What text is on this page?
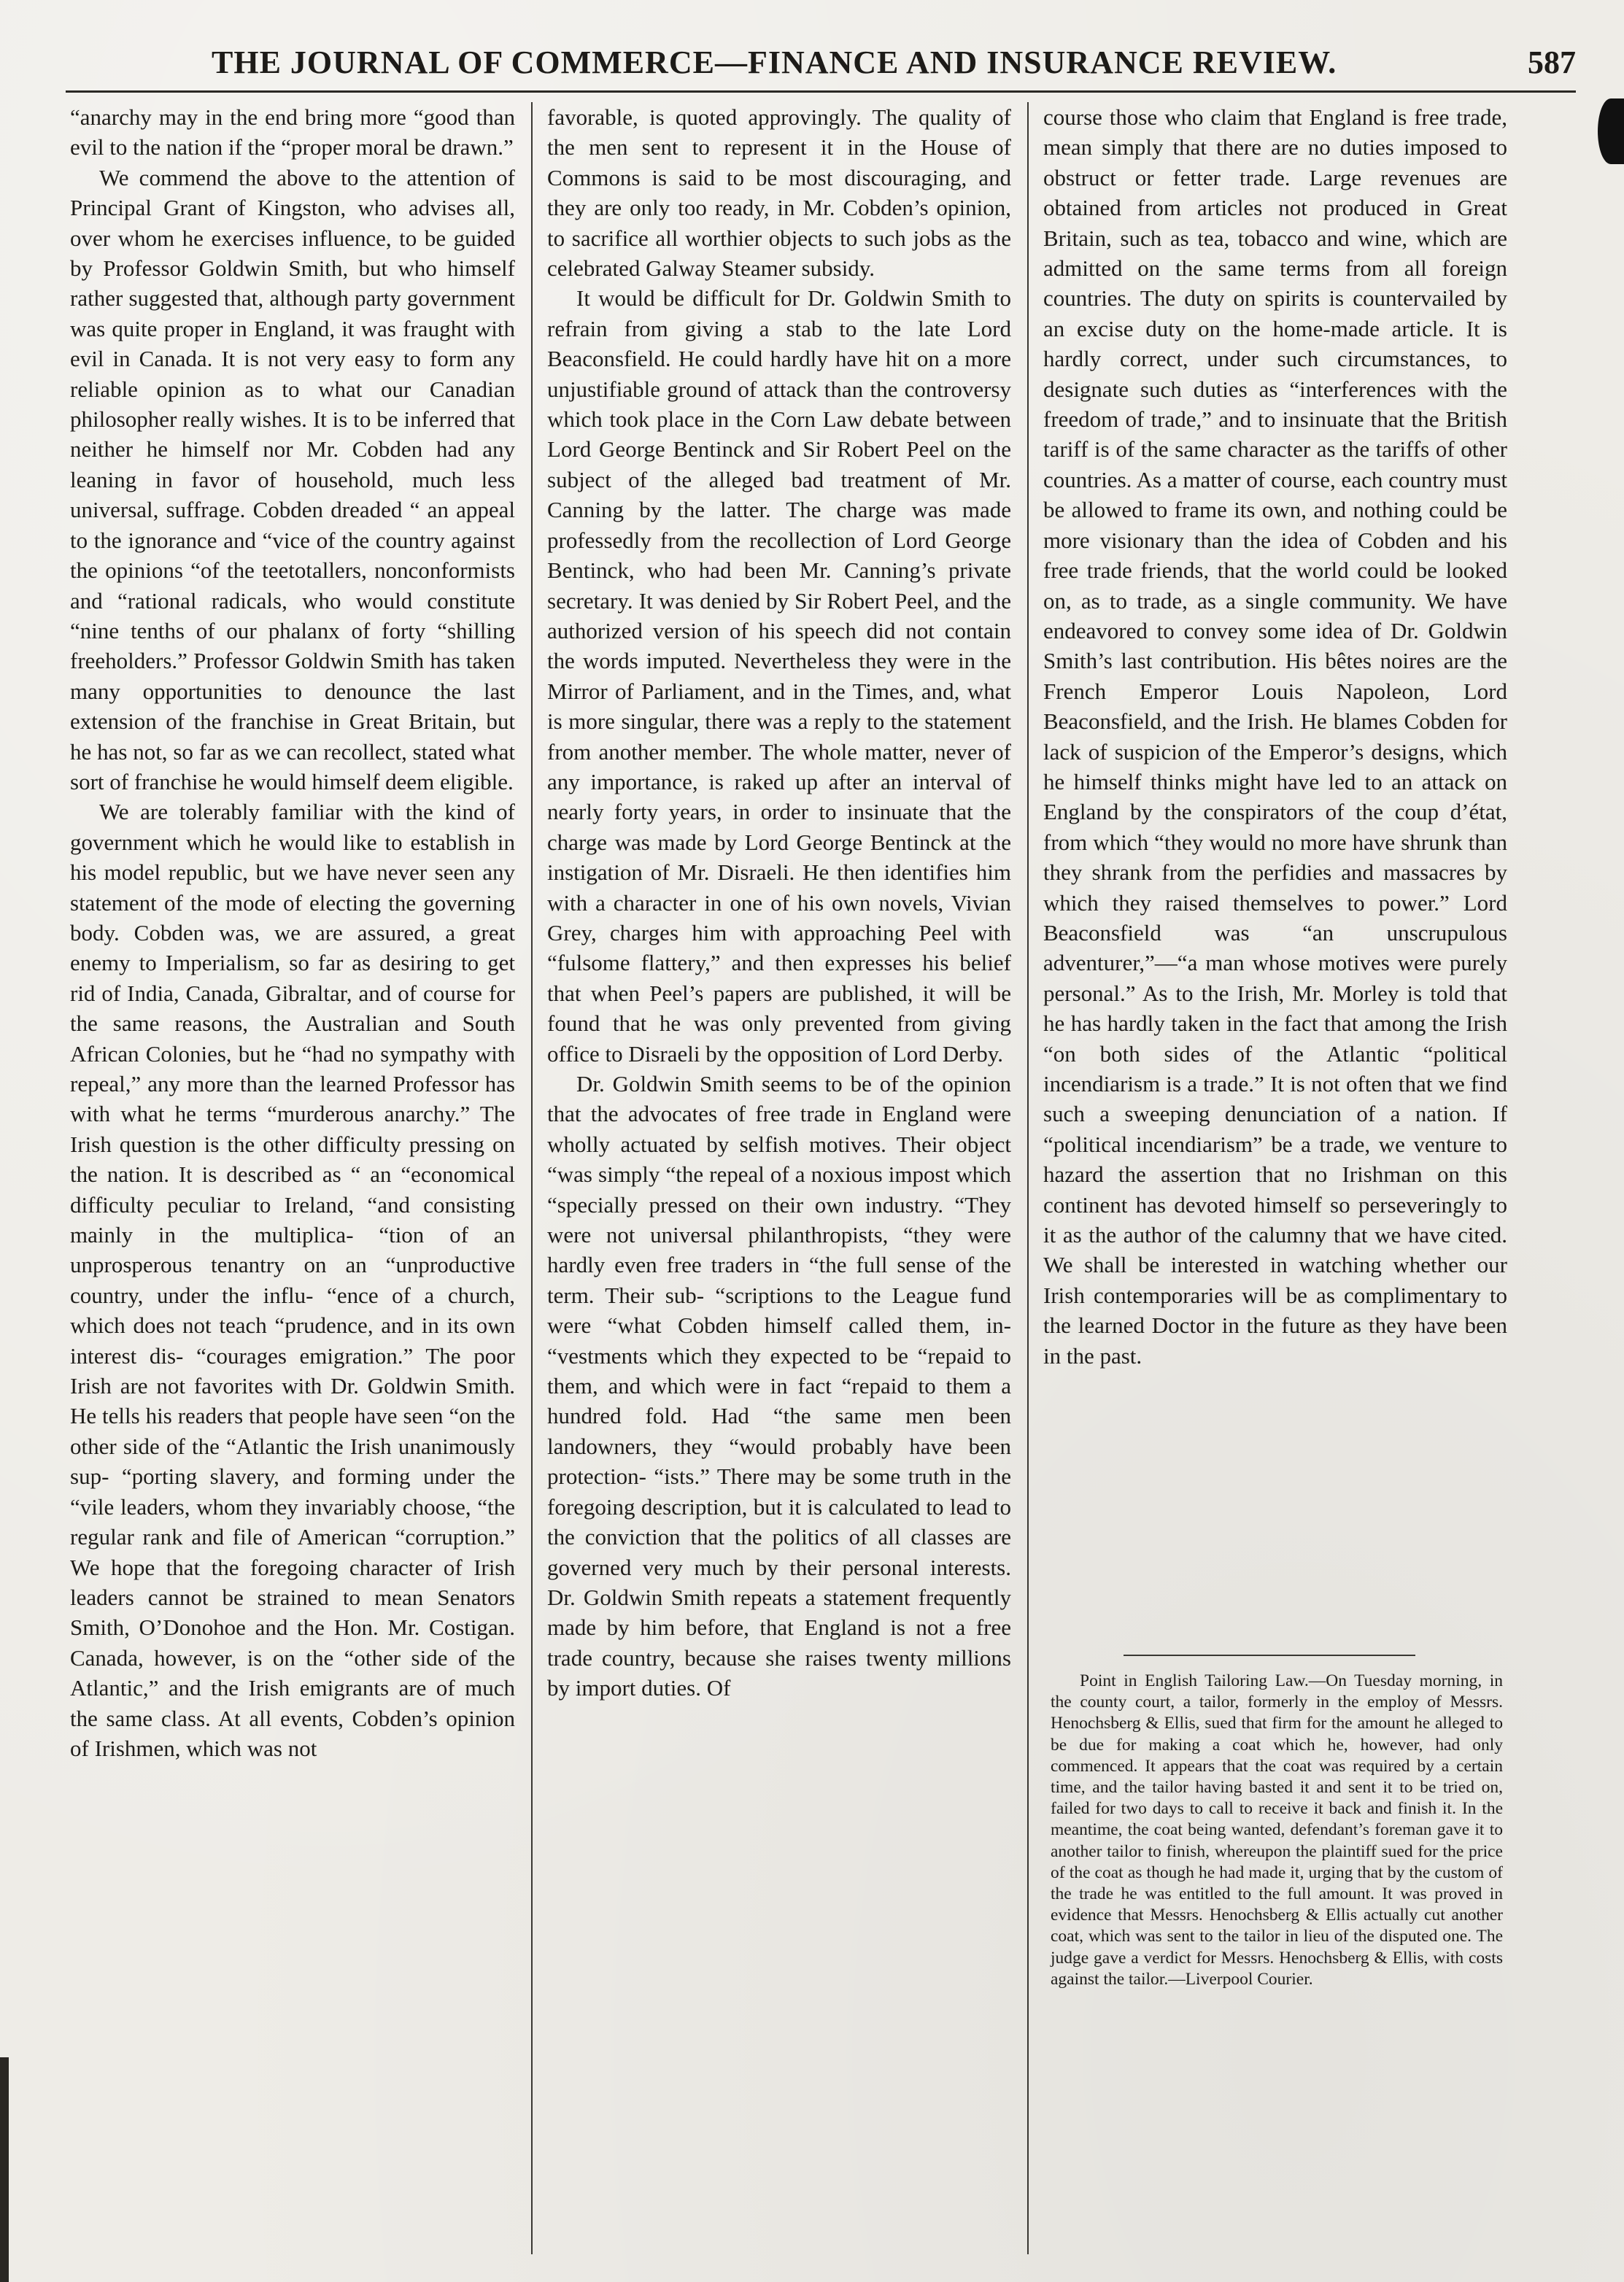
THE JOURNAL OF COMMERCE—FINANCE AND INSURANCE REVIEW.	587

“anarchy may in the end bring more “good than evil to the nation if the “proper moral be drawn.”

We commend the above to the attention of Principal Grant of Kingston, who advises all, over whom he exercises influence, to be guided by Professor Goldwin Smith, but who himself rather suggested that, although party government was quite proper in England, it was fraught with evil in Canada. It is not very easy to form any reliable opinion as to what our Canadian philosopher really wishes. It is to be inferred that neither he himself nor Mr. Cobden had any leaning in favor of household, much less universal, suffrage. Cobden dreaded “ an appeal to the ignorance and “vice of the country against the opinions “of the teetotallers, nonconformists and “rational radicals, who would constitute “nine tenths of our phalanx of forty “shilling freeholders.” Professor Goldwin Smith has taken many opportunities to denounce the last extension of the franchise in Great Britain, but he has not, so far as we can recollect, stated what sort of franchise he would himself deem eligible.

We are tolerably familiar with the kind of government which he would like to establish in his model republic, but we have never seen any statement of the mode of electing the governing body. Cobden was, we are assured, a great enemy to Imperialism, so far as desiring to get rid of India, Canada, Gibraltar, and of course for the same reasons, the Australian and South African Colonies, but he “had no sympathy with repeal,” any more than the learned Professor has with what he terms “murderous anarchy.” The Irish question is the other difficulty pressing on the nation. It is described as “ an “economical difficulty peculiar to Ireland, “and consisting mainly in the multiplica- “tion of an unprosperous tenantry on an “unproductive country, under the influ- “ence of a church, which does not teach “prudence, and in its own interest dis- “courages emigration.” The poor Irish are not favorites with Dr. Goldwin Smith. He tells his readers that people have seen “on the other side of the “Atlantic the Irish unanimously sup- “porting slavery, and forming under the “vile leaders, whom they invariably choose, “the regular rank and file of American “corruption.” We hope that the foregoing character of Irish leaders cannot be strained to mean Senators Smith, O’Donohoe and the Hon. Mr. Costigan. Canada, however, is on the “other side of the Atlantic,” and the Irish emigrants are of much the same class. At all events, Cobden’s opinion of Irishmen, which was not

favorable, is quoted approvingly. The quality of the men sent to represent it in the House of Commons is said to be most discouraging, and they are only too ready, in Mr. Cobden’s opinion, to sacrifice all worthier objects to such jobs as the celebrated Galway Steamer subsidy.

It would be difficult for Dr. Goldwin Smith to refrain from giving a stab to the late Lord Beaconsfield. He could hardly have hit on a more unjustifiable ground of attack than the controversy which took place in the Corn Law debate between Lord George Bentinck and Sir Robert Peel on the subject of the alleged bad treatment of Mr. Canning by the latter. The charge was made professedly from the recollection of Lord George Bentinck, who had been Mr. Canning’s private secretary. It was denied by Sir Robert Peel, and the authorized version of his speech did not contain the words imputed. Nevertheless they were in the Mirror of Parliament, and in the Times, and, what is more singular, there was a reply to the statement from another member. The whole matter, never of any importance, is raked up after an interval of nearly forty years, in order to insinuate that the charge was made by Lord George Bentinck at the instigation of Mr. Disraeli. He then identifies him with a character in one of his own novels, Vivian Grey, charges him with approaching Peel with “fulsome flattery,” and then expresses his belief that when Peel’s papers are published, it will be found that he was only prevented from giving office to Disraeli by the opposition of Lord Derby.

Dr. Goldwin Smith seems to be of the opinion that the advocates of free trade in England were wholly actuated by selfish motives. Their object “was simply “the repeal of a noxious impost which “specially pressed on their own industry. “They were not universal philanthropists, “they were hardly even free traders in “the full sense of the term. Their sub- “scriptions to the League fund were “what Cobden himself called them, in- “vestments which they expected to be “repaid to them, and which were in fact “repaid to them a hundred fold. Had “the same men been landowners, they “would probably have been protection- “ists.” There may be some truth in the foregoing description, but it is calculated to lead to the conviction that the politics of all classes are governed very much by their personal interests. Dr. Goldwin Smith repeats a statement frequently made by him before, that England is not a free trade country, because she raises twenty millions by import duties. Of

course those who claim that England is free trade, mean simply that there are no duties imposed to obstruct or fetter trade. Large revenues are obtained from articles not produced in Great Britain, such as tea, tobacco and wine, which are admitted on the same terms from all foreign countries. The duty on spirits is countervailed by an excise duty on the home-made article. It is hardly correct, under such circumstances, to designate such duties as “interferences with the freedom of trade,” and to insinuate that the British tariff is of the same character as the tariffs of other countries. As a matter of course, each country must be allowed to frame its own, and nothing could be more visionary than the idea of Cobden and his free trade friends, that the world could be looked on, as to trade, as a single community. We have endeavored to convey some idea of Dr. Goldwin Smith’s last contribution. His bêtes noires are the French Emperor Louis Napoleon, Lord Beaconsfield, and the Irish. He blames Cobden for lack of suspicion of the Emperor’s designs, which he himself thinks might have led to an attack on England by the conspirators of the coup d’état, from which “they would no more have shrunk than they shrank from the perfidies and massacres by which they raised themselves to power.” Lord Beaconsfield was “an unscrupulous adventurer,”—“a man whose motives were purely personal.” As to the Irish, Mr. Morley is told that he has hardly taken in the fact that among the Irish “on both sides of the Atlantic “political incendiarism is a trade.” It is not often that we find such a sweeping denunciation of a nation. If “political incendiarism” be a trade, we venture to hazard the assertion that no Irishman on this continent has devoted himself so perseveringly to it as the author of the calumny that we have cited. We shall be interested in watching whether our Irish contemporaries will be as complimentary to the learned Doctor in the future as they have been in the past.

Point in English Tailoring Law.—On Tuesday morning, in the county court, a tailor, formerly in the employ of Messrs. Henochsberg & Ellis, sued that firm for the amount he alleged to be due for making a coat which he, however, had only commenced. It appears that the coat was required by a certain time, and the tailor having basted it and sent it to be tried on, failed for two days to call to receive it back and finish it. In the meantime, the coat being wanted, defendant’s foreman gave it to another tailor to finish, whereupon the plaintiff sued for the price of the coat as though he had made it, urging that by the custom of the trade he was entitled to the full amount. It was proved in evidence that Messrs. Henochsberg & Ellis actually cut another coat, which was sent to the tailor in lieu of the disputed one. The judge gave a verdict for Messrs. Henochsberg & Ellis, with costs against the tailor.—Liverpool Courier.
